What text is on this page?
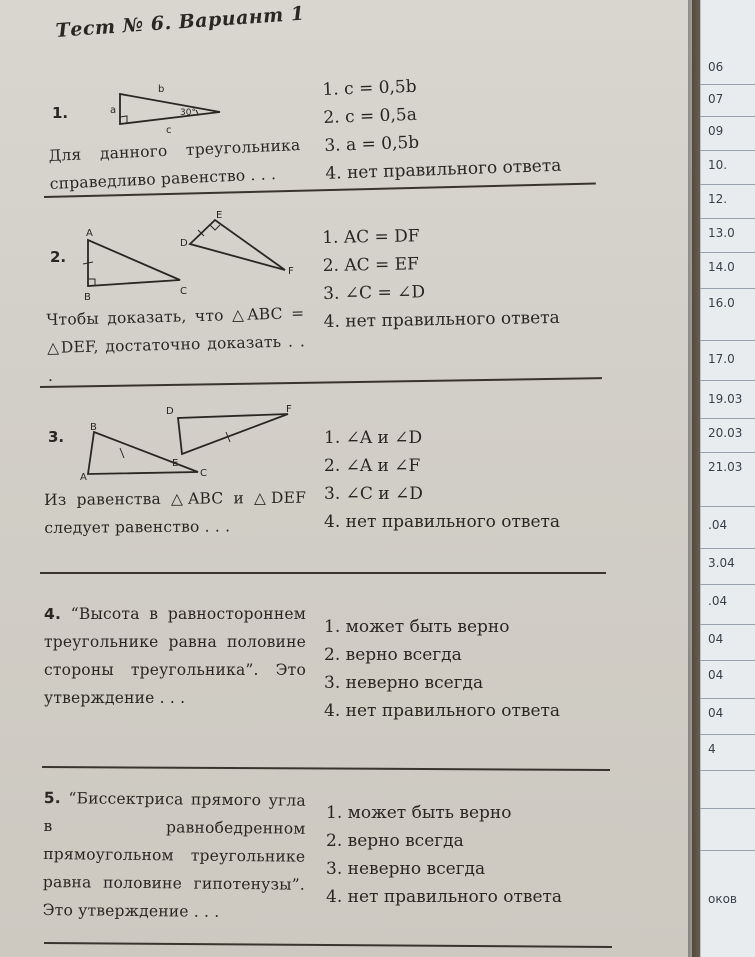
Тест № 6. Вариант 1
1.
b
a
c
30°
Для данного треугольника справедливо равенство . . .
1. c = 0,5b
2. c = 0,5a
3. a = 0,5b
4. нет правильного ответа
2.
A
B
C
D
E
F
Чтобы доказать, что △ABC = △DEF, достаточно доказать . . .
1. AC = DF
2. AC = EF
3. ∠C = ∠D
4. нет правильного ответа
3.
A
B
C
D
E
F
Из равенства △ABC и △DEF следует равенство . . .
1. ∠A и ∠D
2. ∠A и ∠F
3. ∠C и ∠D
4. нет правильного ответа
4. “Высота в равностороннем треугольнике равна половине стороны треугольника”. Это утверждение . . .
1. может быть верно
2. верно всегда
3. неверно всегда
4. нет правильного ответа
5. “Биссектриса прямого угла в равнобедренном прямоугольном треугольнике равна половине гипотенузы”. Это утверждение . . .
1. может быть верно
2. верно всегда
3. неверно всегда
4. нет правильного ответа
06
07
09
10.
12.
13.0
14.0
16.0
17.0
19.03
20.03
21.03
.04
3.04
.04
04
04
04
4
оков
